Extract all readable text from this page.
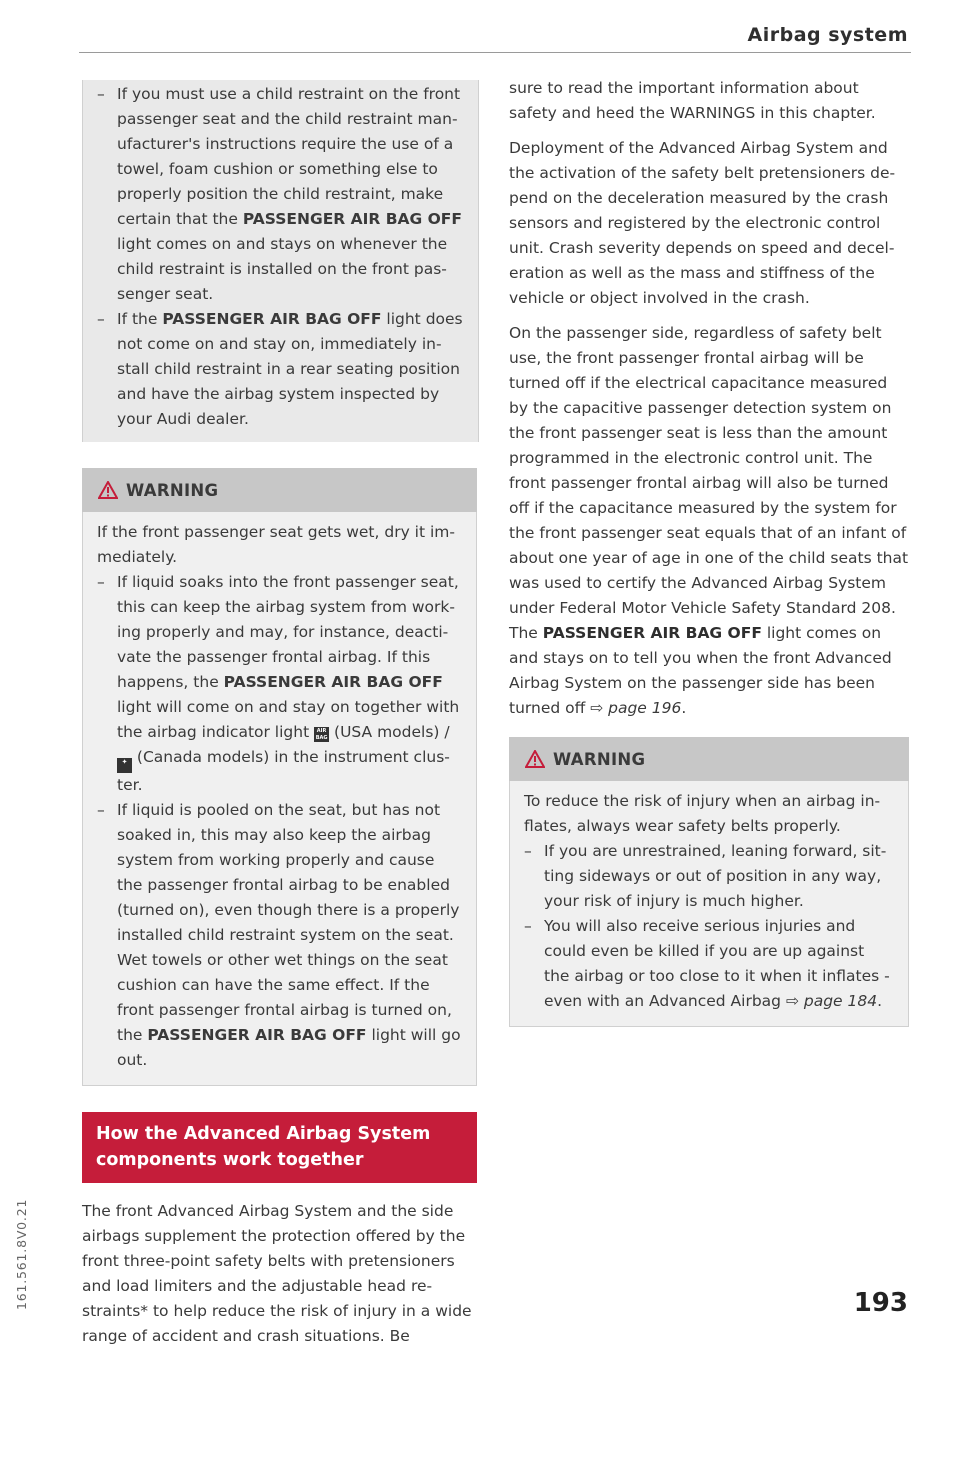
Airbag system
– If you must use a child restraint on the front passenger seat and the child restraint manufacturer's instructions require the use of a towel, foam cushion or something else to properly position the child restraint, make certain that the PASSENGER AIR BAG OFF light comes on and stays on whenever the child restraint is installed on the front passenger seat.
– If the PASSENGER AIR BAG OFF light does not come on and stay on, immediately install child restraint in a rear seating position and have the airbag system inspected by your Audi dealer.
WARNING

If the front passenger seat gets wet, dry it immediately.

– If liquid soaks into the front passenger seat, this can keep the airbag system from working properly and may, for instance, deactivate the passenger frontal airbag. If this happens, the PASSENGER AIR BAG OFF light will come on and stay on together with the airbag indicator light AIR BAG (USA models) / ✦ (Canada models) in the instrument cluster.
– If liquid is pooled on the seat, but has not soaked in, this may also keep the airbag system from working properly and cause the passenger frontal airbag to be enabled (turned on), even though there is a properly installed child restraint system on the seat. Wet towels or other wet things on the seat cushion can have the same effect. If the front passenger frontal airbag is turned on, the PASSENGER AIR BAG OFF light will go out.
How the Advanced Airbag System components work together

The front Advanced Airbag System and the side airbags supplement the protection offered by the front three-point safety belts with pretensioners and load limiters and the adjustable head restraints* to help reduce the risk of injury in a wide range of accident and crash situations. Be

sure to read the important information about safety and heed the WARNINGS in this chapter.

Deployment of the Advanced Airbag System and the activation of the safety belt pretensioners depend on the deceleration measured by the crash sensors and registered by the electronic control unit. Crash severity depends on speed and deceleration as well as the mass and stiffness of the vehicle or object involved in the crash.

On the passenger side, regardless of safety belt use, the front passenger frontal airbag will be turned off if the electrical capacitance measured by the capacitive passenger detection system on the front passenger seat is less than the amount programmed in the electronic control unit. The front passenger frontal airbag will also be turned off if the capacitance measured by the system for the front passenger seat equals that of an infant of about one year of age in one of the child seats that was used to certify the Advanced Airbag System under Federal Motor Vehicle Safety Standard 208. The PASSENGER AIR BAG OFF light comes on and stays on to tell you when the front Advanced Airbag System on the passenger side has been turned off ⇨ page 196.

WARNING

To reduce the risk of injury when an airbag inflates, always wear safety belts properly.

– If you are unrestrained, leaning forward, sitting sideways or out of position in any way, your risk of injury is much higher.
– You will also receive serious injuries and could even be killed if you are up against the airbag or too close to it when it inflates - even with an Advanced Airbag ⇨ page 184.
161.561.8V0.21	193
